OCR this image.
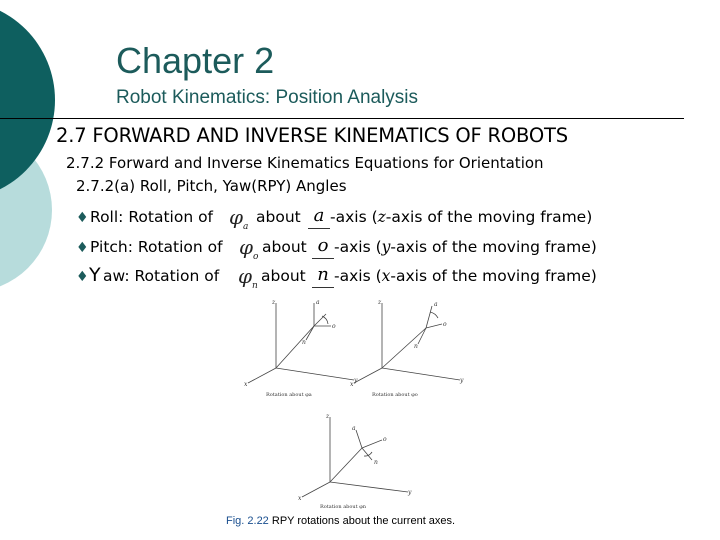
Chapter 2
Robot Kinematics: Position Analysis
2.7 FORWARD AND INVERSE KINEMATICS OF ROBOTS
2.7.2 Forward and Inverse Kinematics Equations for Orientation
2.7.2(a) Roll, Pitch, Yaw(RPY) Angles
♦ Roll: Rotation of $\varphi_a$
about a -axis (z-axis of the moving frame)
♦ Pitch: Rotation of $\varphi_o$
about o -axis (y-axis of the moving frame)
♦ Y aw: Rotation of $\varphi_n$
about n -axis (x-axis of the moving frame)
z
x
y
a
o
n
Rotation about φa
z
x
y
a
o
n
Rotation about φo
z
x
y
a
o
n
Rotation about φn
Fig. 2.22 RPY rotations about the current axes.
